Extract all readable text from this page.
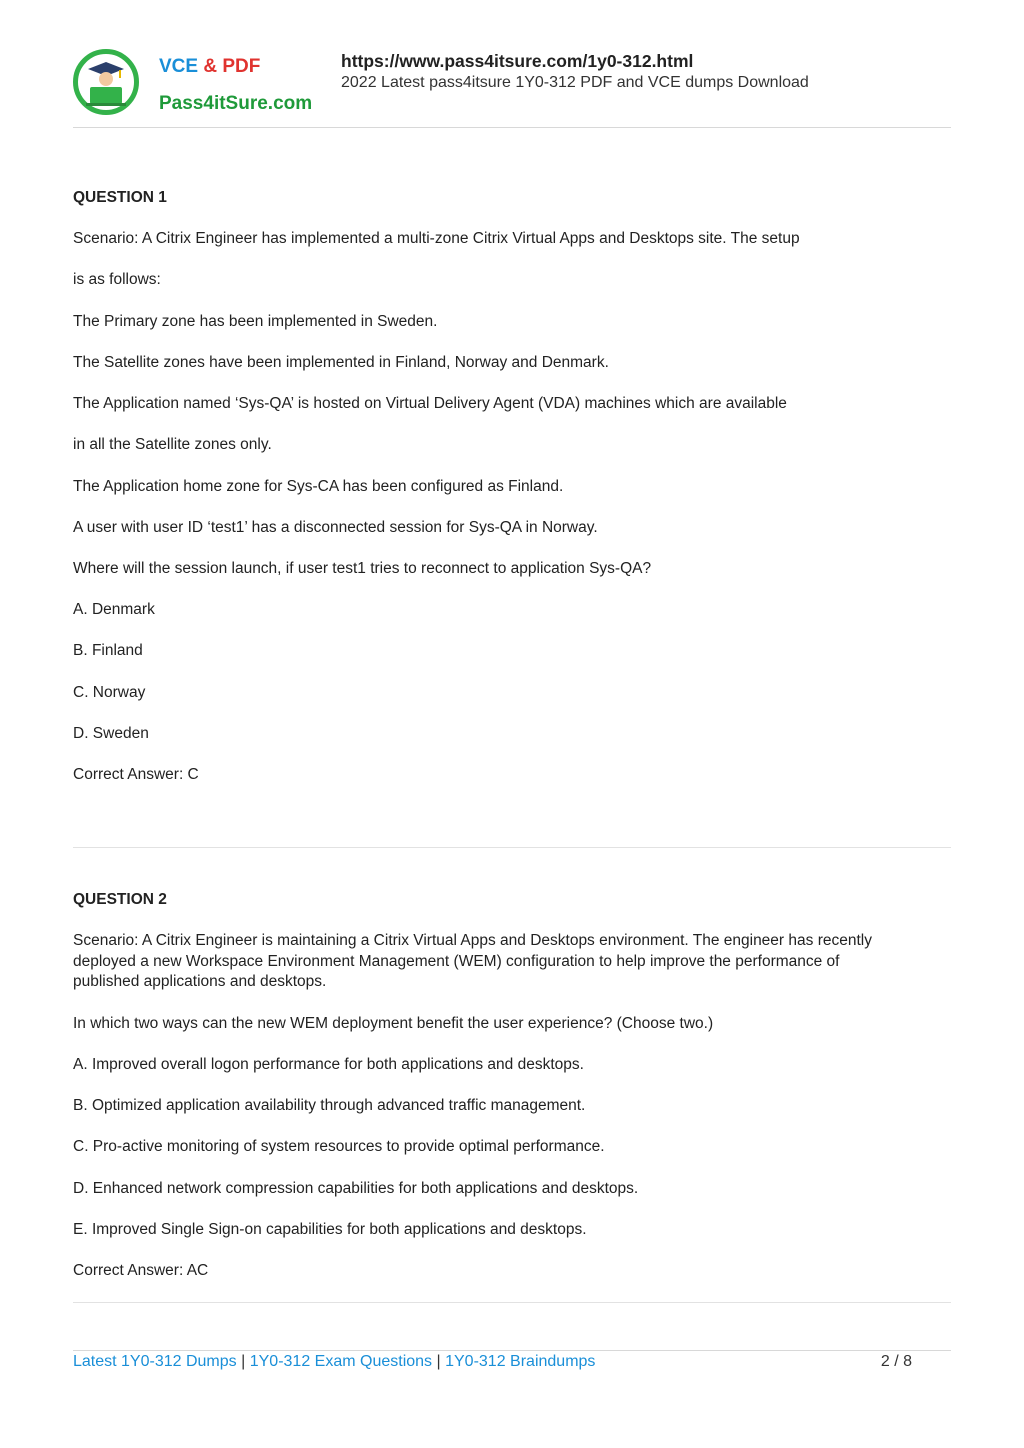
VCE & PDF
Pass4itSure.com
https://www.pass4itsure.com/1y0-312.html
2022 Latest pass4itsure 1Y0-312 PDF and VCE dumps Download

QUESTION 1

Scenario: A Citrix Engineer has implemented a multi-zone Citrix Virtual Apps and Desktops site. The setup

is as follows:

The Primary zone has been implemented in Sweden.

The Satellite zones have been implemented in Finland, Norway and Denmark.

The Application named ‘Sys-QA’ is hosted on Virtual Delivery Agent (VDA) machines which are available

in all the Satellite zones only.

The Application home zone for Sys-CA has been configured as Finland.

A user with user ID ‘test1’ has a disconnected session for Sys-QA in Norway.

Where will the session launch, if user test1 tries to reconnect to application Sys-QA?

A. Denmark

B. Finland

C. Norway

D. Sweden

Correct Answer: C

QUESTION 2

Scenario: A Citrix Engineer is maintaining a Citrix Virtual Apps and Desktops environment. The engineer has recently

deployed a new Workspace Environment Management (WEM) configuration to help improve the performance of

published applications and desktops.

In which two ways can the new WEM deployment benefit the user experience? (Choose two.)

A. Improved overall logon performance for both applications and desktops.

B. Optimized application availability through advanced traffic management.

C. Pro-active monitoring of system resources to provide optimal performance.

D. Enhanced network compression capabilities for both applications and desktops.

E. Improved Single Sign-on capabilities for both applications and desktops.

Correct Answer: AC

Latest 1Y0-312 Dumps | 1Y0-312 Exam Questions | 1Y0-312 Braindumps	2 / 8
